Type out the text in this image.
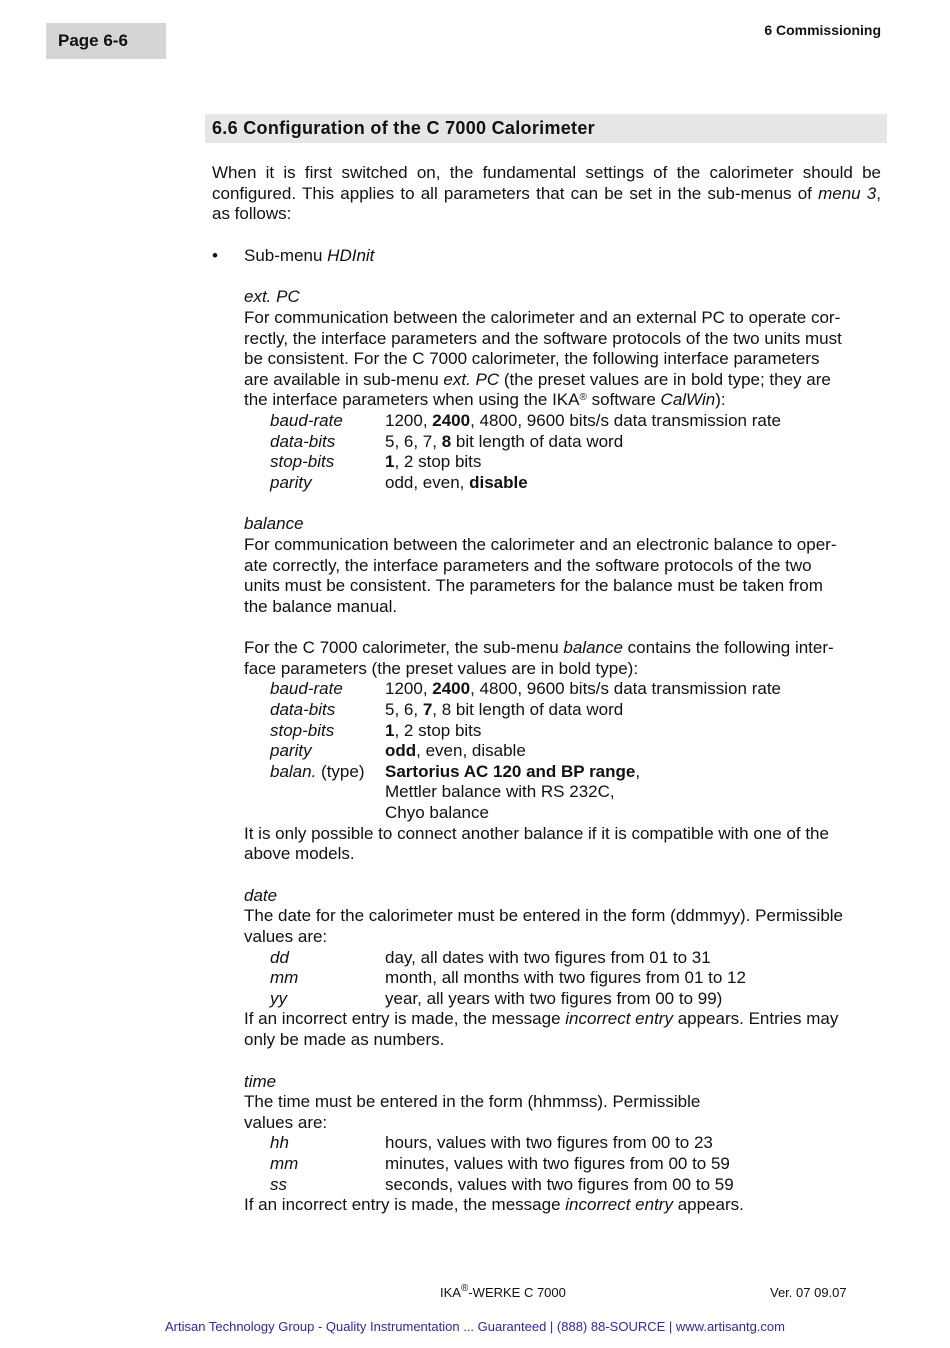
Page 6-6
6 Commissioning
6.6 Configuration of the C 7000 Calorimeter

When it is first switched on, the fundamental settings of the calorimeter should be configured. This applies to all parameters that can be set in the sub-menus of menu 3, as follows:

• Sub-menu HDInit
ext. PC
For communication between the calorimeter and an external PC to operate cor-
rectly, the interface parameters and the software protocols of the two units must
be consistent. For the C 7000 calorimeter, the following interface parameters
are available in sub-menu ext. PC (the preset values are in bold type; they are
the interface parameters when using the IKA® software CalWin):
baud-rate	1200, 2400, 4800, 9600 bits/s data transmission rate
data-bits	5, 6, 7, 8 bit length of data word
stop-bits	1, 2 stop bits
parity	odd, even, disable
balance
For communication between the calorimeter and an electronic balance to oper-
ate correctly, the interface parameters and the software protocols of the two
units must be consistent. The parameters for the balance must be taken from
the balance manual.
For the C 7000 calorimeter, the sub-menu balance contains the following inter-
face parameters (the preset values are in bold type):
baud-rate	1200, 2400, 4800, 9600 bits/s data transmission rate
data-bits	5, 6, 7, 8 bit length of data word
stop-bits	1, 2 stop bits
parity	odd, even, disable
balan. (type)	Sartorius AC 120 and BP range,
Mettler balance with RS 232C,
Chyo balance
It is only possible to connect another balance if it is compatible with one of the
above models.
date
The date for the calorimeter must be entered in the form (ddmmyy). Permissible
values are:
dd	day, all dates with two figures from 01 to 31
mm	month, all months with two figures from 01 to 12
yy	year, all years with two figures from 00 to 99)
If an incorrect entry is made, the message incorrect entry appears. Entries may
only be made as numbers.
time
The time must be entered in the form (hhmmss). Permissible
values are:
hh	hours, values with two figures from 00 to 23
mm	minutes, values with two figures from 00 to 59
ss	seconds, values with two figures from 00 to 59
If an incorrect entry is made, the message incorrect entry appears.
IKA®-WERKE C 7000	Ver. 07 09.07
Artisan Technology Group - Quality Instrumentation ... Guaranteed | (888) 88-SOURCE | www.artisantg.com
